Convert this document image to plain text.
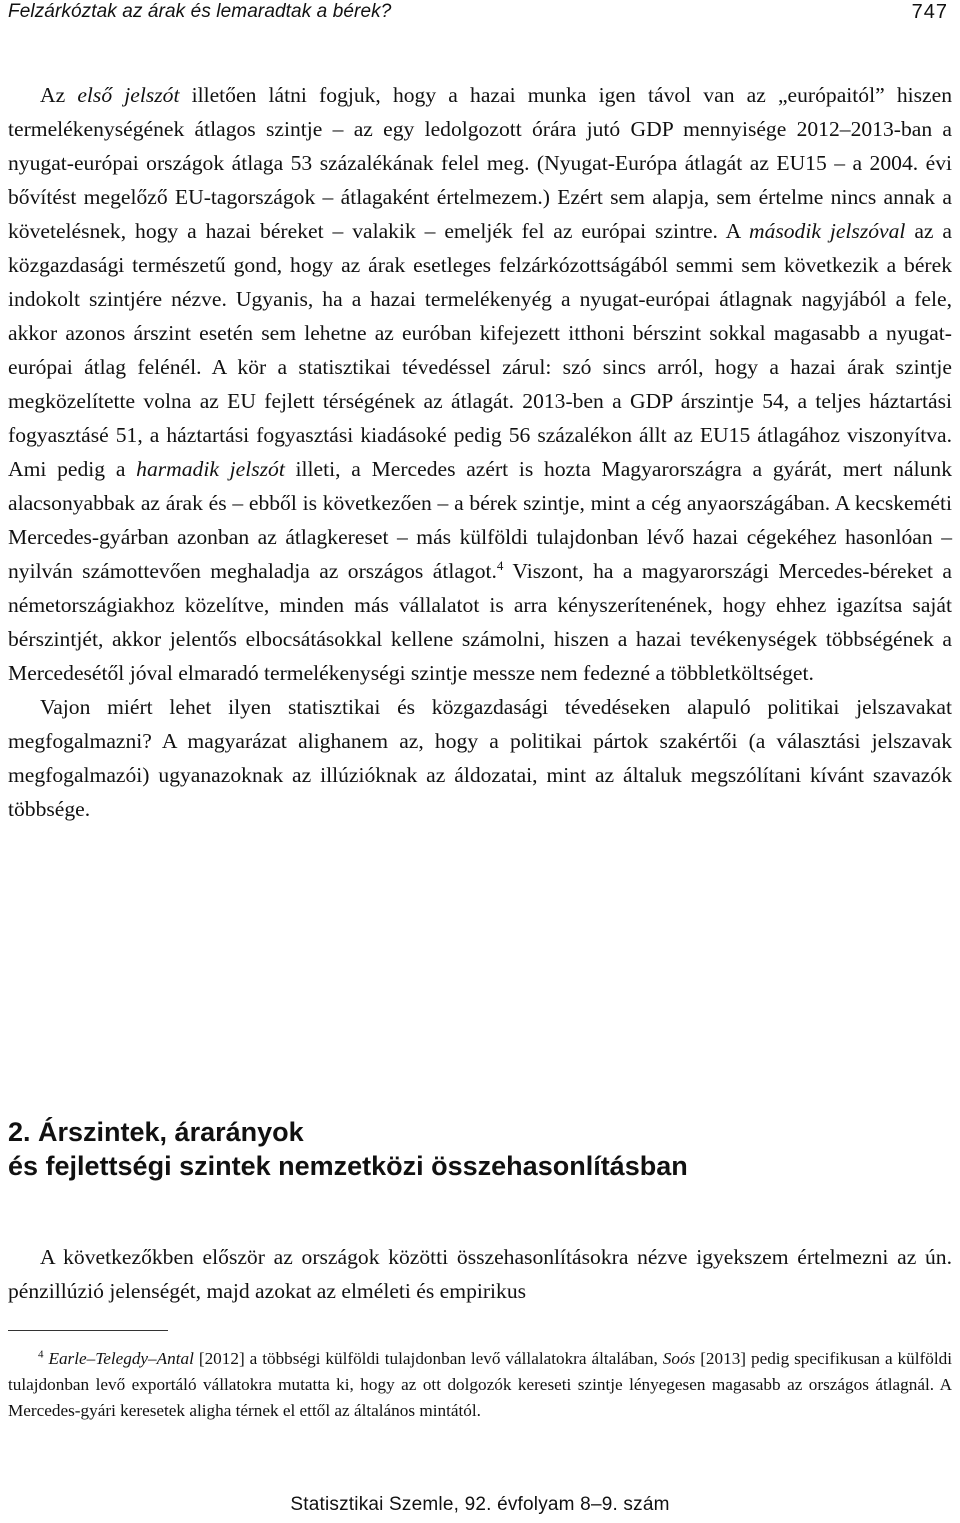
Felzárkóztak az árak és lemaradtak a bérek?	747

Az első jelszót illetően látni fogjuk, hogy a hazai munka igen távol van az „európaitól” hiszen termelékenységének átlagos szintje – az egy ledolgozott órára jutó GDP mennyisége 2012–2013-ban a nyugat-európai országok átlaga 53 százalékának felel meg. (Nyugat-Európa átlagát az EU15 – a 2004. évi bővítést megelőző EU-tagországok – átlagaként értelmezem.) Ezért sem alapja, sem értelme nincs annak a követelésnek, hogy a hazai béreket – valakik – emeljék fel az európai szintre. A második jelszóval az a közgazdasági természetű gond, hogy az árak esetleges felzárkózottságából semmi sem következik a bérek indokolt szintjére nézve. Ugyanis, ha a hazai termelékenyég a nyugat-európai átlagnak nagyjából a fele, akkor azonos árszint esetén sem lehetne az euróban kifejezett itthoni bérszint sokkal magasabb a nyugat-európai átlag felénél. A kör a statisztikai tévedéssel zárul: szó sincs arról, hogy a hazai árak szintje megközelítette volna az EU fejlett térségének az átlagát. 2013-ben a GDP árszintje 54, a teljes háztartási fogyasztásé 51, a háztartási fogyasztási kiadásoké pedig 56 százalékon állt az EU15 átlagához viszonyítva. Ami pedig a harmadik jelszót illeti, a Mercedes azért is hozta Magyarországra a gyárát, mert nálunk alacsonyabbak az árak és – ebből is következően – a bérek szintje, mint a cég anyaországában. A kecskeméti Mercedes-gyárban azonban az átlagkereset – más külföldi tulajdonban lévő hazai cégekéhez hasonlóan – nyilván számottevően meghaladja az országos átlagot.$^4$ Viszont, ha a magyarországi Mercedes-béreket a németországiakhoz közelítve, minden más vállalatot is arra kényszerítenének, hogy ehhez igazítsa saját bérszintjét, akkor jelentős elbocsátásokkal kellene számolni, hiszen a hazai tevékenységek többségének a Mercedesétől jóval elmaradó termelékenységi szintje messze nem fedezné a többletköltséget.

Vajon miért lehet ilyen statisztikai és közgazdasági tévedéseken alapuló politikai jelszavakat megfogalmazni? A magyarázat alighanem az, hogy a politikai pártok szakértői (a választási jelszavak megfogalmazói) ugyanazoknak az illúzióknak az áldozatai, mint az általuk megszólítani kívánt szavazók többsége.

2. Árszintek, árarányok
és fejlettségi szintek nemzetközi összehasonlításban

A következőkben először az országok közötti összehasonlításokra nézve igyekszem értelmezni az ún. pénzillúzió jelenségét, majd azokat az elméleti és empirikus

$^4$ Earle–Telegdy–Antal [2012] a többségi külföldi tulajdonban levő vállalatokra általában, Soós [2013] pedig specifikusan a külföldi tulajdonban levő exportáló vállatokra mutatta ki, hogy az ott dolgozók kereseti szintje lényegesen magasabb az országos átlagnál. A Mercedes-gyári keresetek aligha térnek el ettől az általános mintától.

Statisztikai Szemle, 92. évfolyam 8–9. szám
